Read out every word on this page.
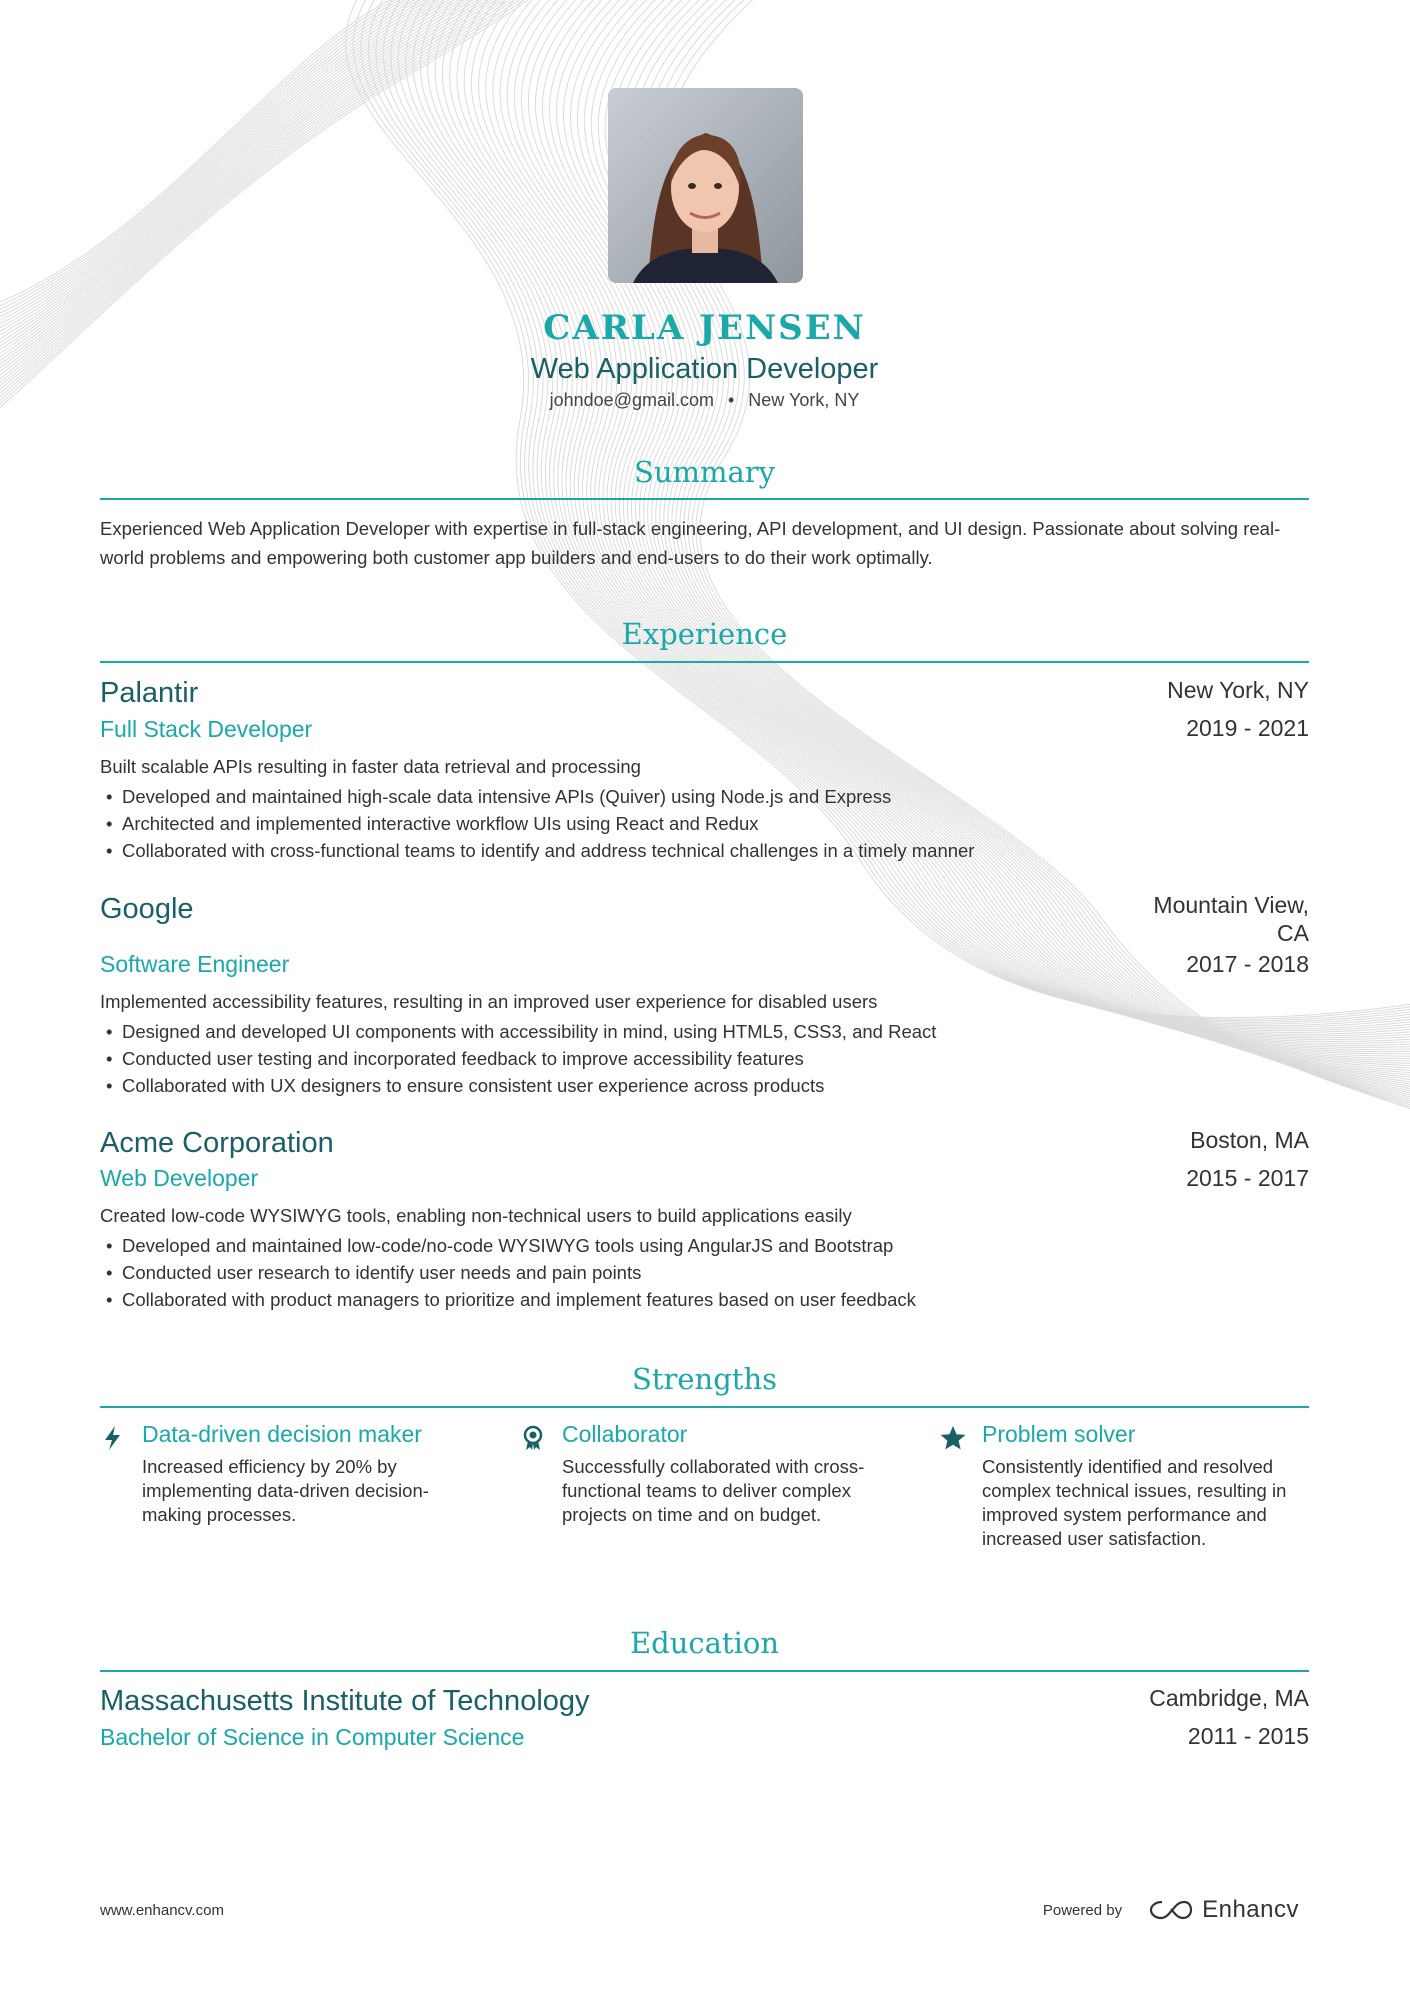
CARLA JENSEN
Web Application Developer
johndoe@gmail.com • New York, NY
Summary
Experienced Web Application Developer with expertise in full-stack engineering, API development, and UI design. Passionate about solving real-world problems and empowering both customer app builders and end-users to do their work optimally.
Experience
Palantir	New York, NY
Full Stack Developer	2019 - 2021
Built scalable APIs resulting in faster data retrieval and processing
• Developed and maintained high-scale data intensive APIs (Quiver) using Node.js and Express
• Architected and implemented interactive workflow UIs using React and Redux
• Collaborated with cross-functional teams to identify and address technical challenges in a timely manner
Google	Mountain View,
CA
Software Engineer	2017 - 2018
Implemented accessibility features, resulting in an improved user experience for disabled users
• Designed and developed UI components with accessibility in mind, using HTML5, CSS3, and React
• Conducted user testing and incorporated feedback to improve accessibility features
• Collaborated with UX designers to ensure consistent user experience across products
Acme Corporation	Boston, MA
Web Developer	2015 - 2017
Created low-code WYSIWYG tools, enabling non-technical users to build applications easily
• Developed and maintained low-code/no-code WYSIWYG tools using AngularJS and Bootstrap
• Conducted user research to identify user needs and pain points
• Collaborated with product managers to prioritize and implement features based on user feedback
Strengths
Data-driven decision maker
Increased efficiency by 20% by implementing data-driven decision-making processes.
Collaborator
Successfully collaborated with cross-functional teams to deliver complex projects on time and on budget.
Problem solver
Consistently identified and resolved complex technical issues, resulting in improved system performance and increased user satisfaction.
Education
Massachusetts Institute of Technology	Cambridge, MA
Bachelor of Science in Computer Science	2011 - 2015
www.enhancv.com	Powered by	Enhancv
